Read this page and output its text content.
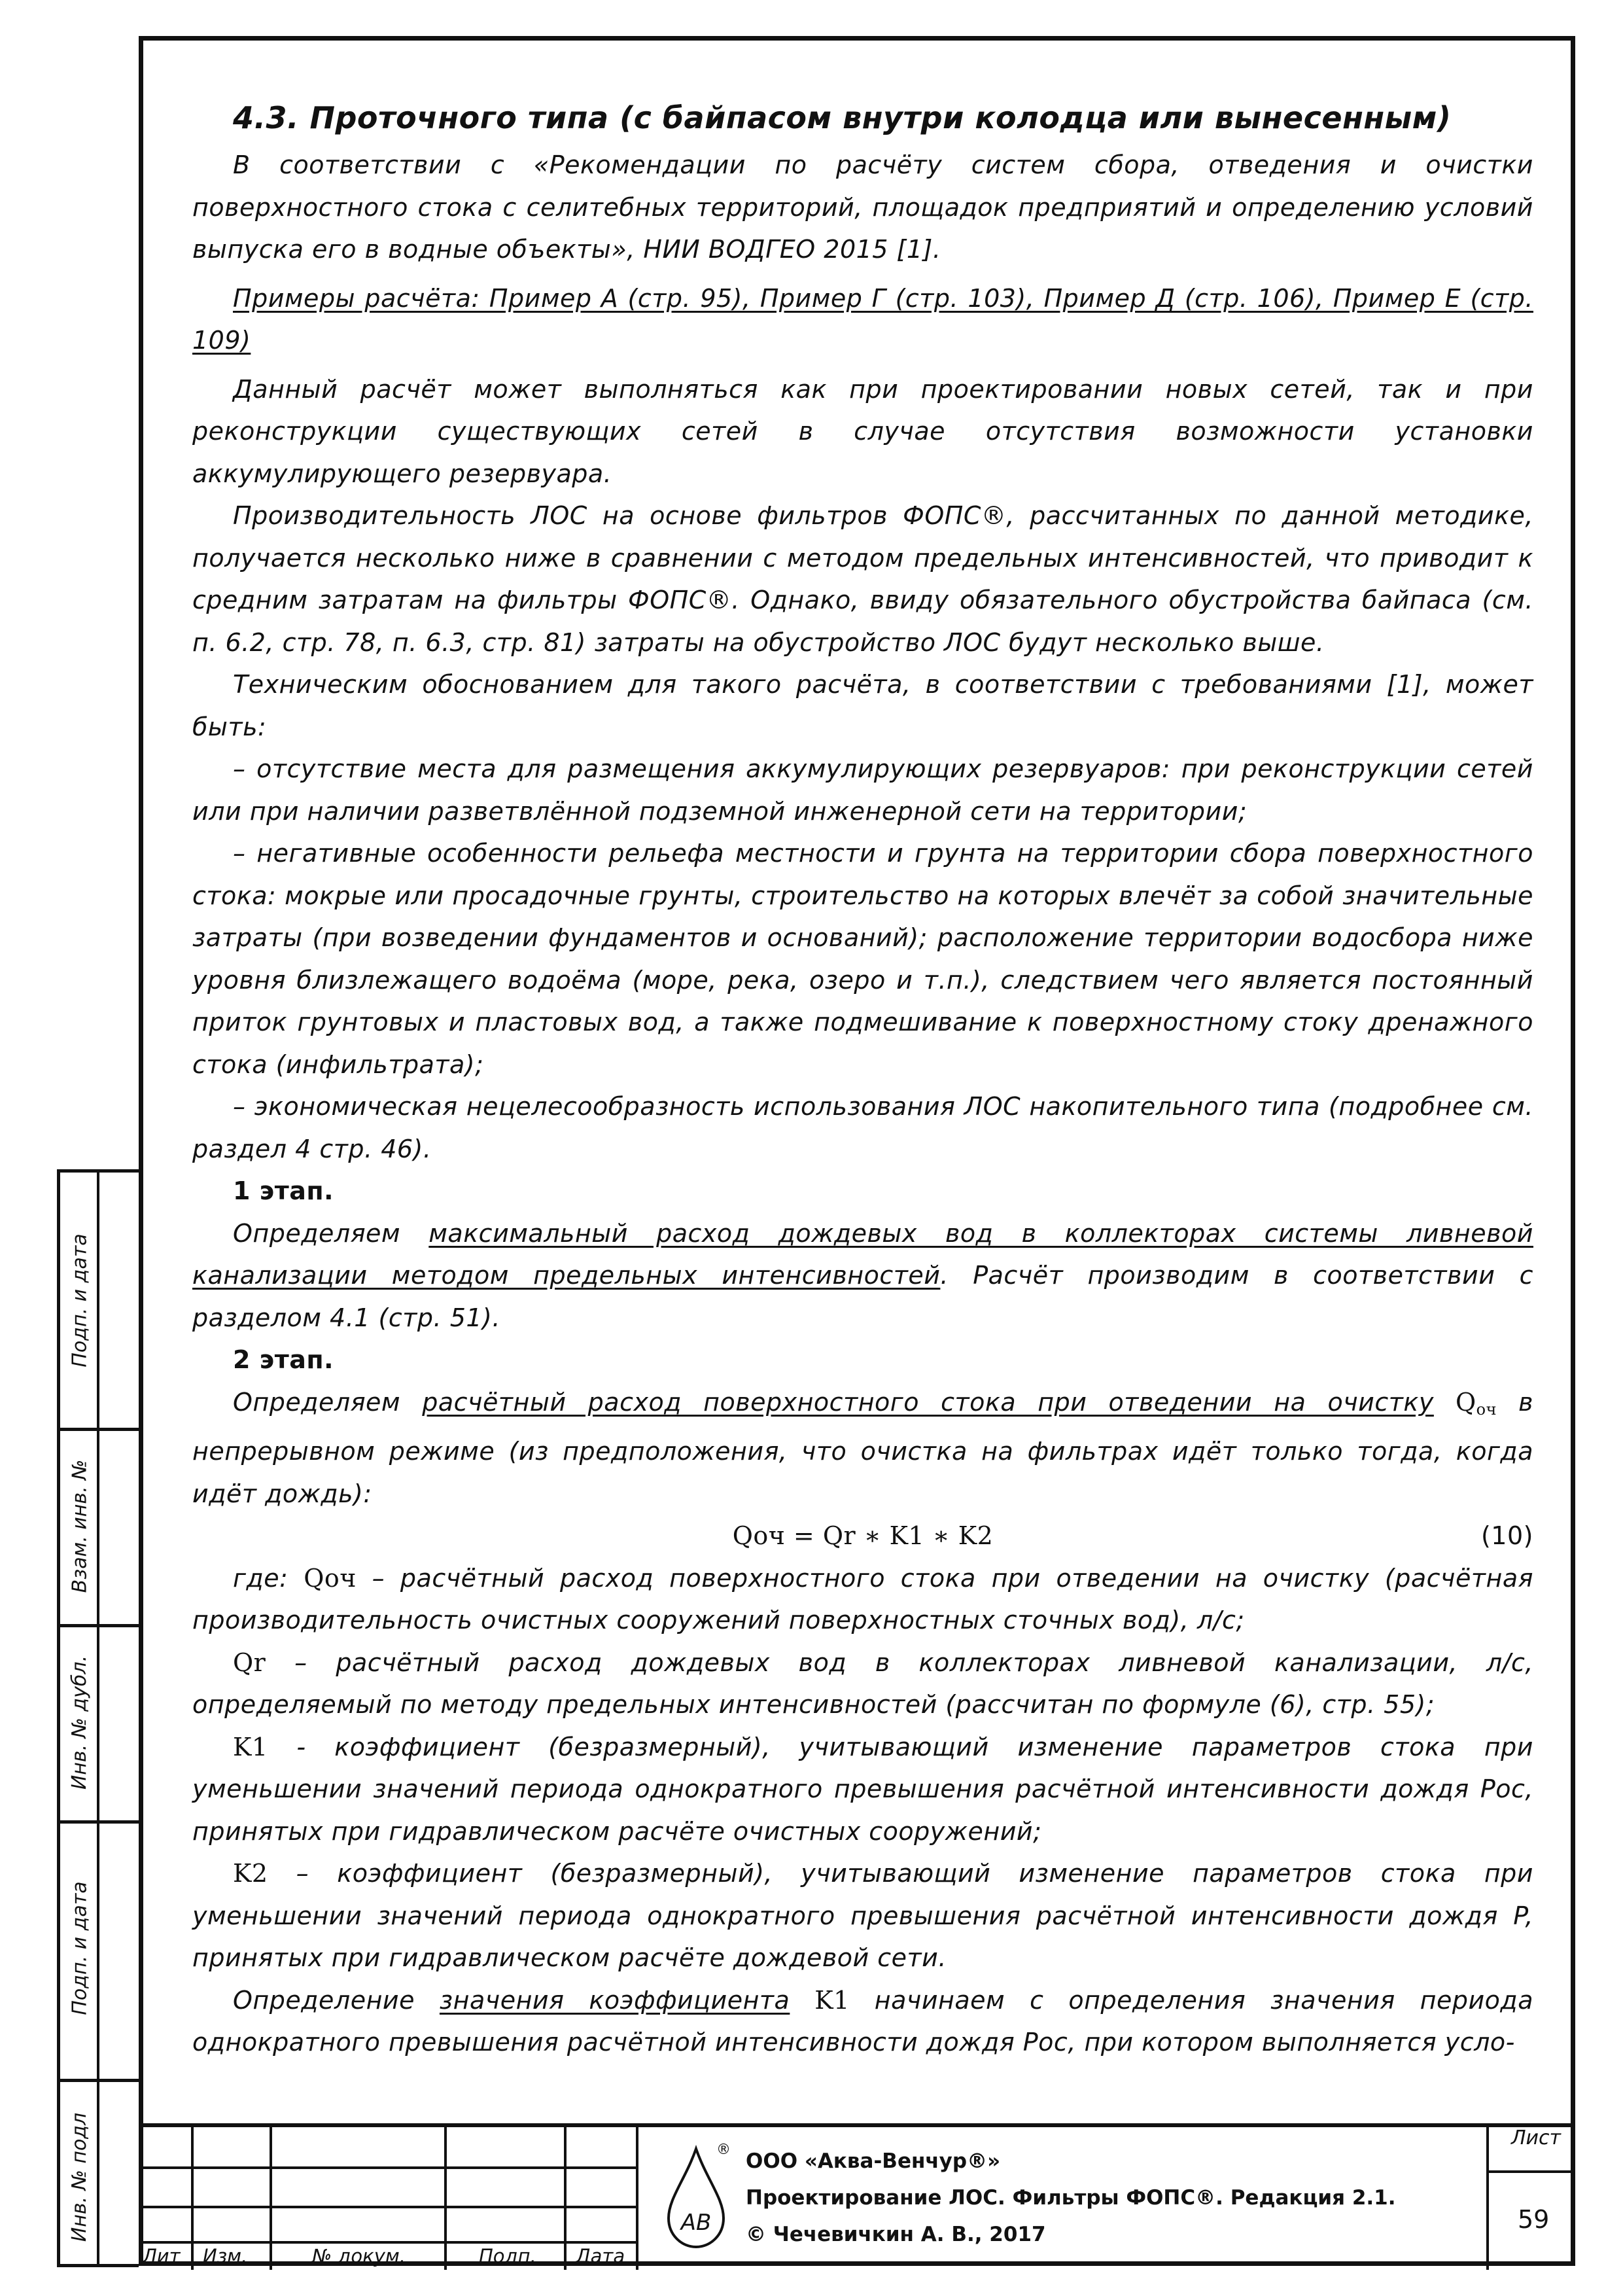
4.3. Проточного типа (с байпасом внутри колодца или вынесенным)

В соответствии с «Рекомендации по расчёту систем сбора, отведения и очистки поверхностного стока с селитебных территорий, площадок предприятий и определению условий выпуска его в водные объекты», НИИ ВОДГЕО 2015 [1].

Примеры расчёта: Пример А (стр. 95), Пример Г (стр. 103), Пример Д (стр. 106), Пример Е (стр. 109)

Данный расчёт может выполняться как при проектировании новых сетей, так и при реконструкции существующих сетей в случае отсутствия возможности установки аккумулирующего резервуара.

Производительность ЛОС на основе фильтров ФОПС®, рассчитанных по данной методике, получается несколько ниже в сравнении с методом предельных интенсивностей, что приводит к средним затратам на фильтры ФОПС®. Однако, ввиду обязательного обустройства байпаса (см. п. 6.2, стр. 78, п. 6.3, стр. 81) затраты на обустройство ЛОС будут несколько выше.

Техническим обоснованием для такого расчёта, в соответствии с требованиями [1], может быть:

– отсутствие места для размещения аккумулирующих резервуаров: при реконструкции сетей или при наличии разветвлённой подземной инженерной сети на территории;

– негативные особенности рельефа местности и грунта на территории сбора поверхностного стока: мокрые или просадочные грунты, строительство на которых влечёт за собой значительные затраты (при возведении фундаментов и оснований); расположение территории водосбора ниже уровня близлежащего водоёма (море, река, озеро и т.п.), следствием чего является постоянный приток грунтовых и пластовых вод, а также подмешивание к поверхностному стоку дренажного стока (инфильтрата);

– экономическая нецелесообразность использования ЛОС накопительного типа (подробнее см. раздел 4 стр. 46).

1 этап.

Определяем максимальный расход дождевых вод в коллекторах системы ливневой канализации методом предельных интенсивностей. Расчёт производим в соответствии с разделом 4.1 (стр. 51).

2 этап.

Определяем расчётный расход поверхностного стока при отведении на очистку $Q_{оч}$ в непрерывном режиме (из предположения, что очистка на фильтрах идёт только тогда, когда идёт дождь):

Qоч = Qr ∗ K1 ∗ K2	(10)

где: Qоч – расчётный расход поверхностного стока при отведении на очистку (расчётная производительность очистных сооружений поверхностных сточных вод), л/с;

Qr – расчётный расход дождевых вод в коллекторах ливневой канализации, л/с, определяемый по методу предельных интенсивностей (рассчитан по формуле (6), стр. 55);

K1 - коэффициент (безразмерный), учитывающий изменение параметров стока при уменьшении значений периода однократного превышения расчётной интенсивности дождя Pос, принятых при гидравлическом расчёте очистных сооружений;

K2 – коэффициент (безразмерный), учитывающий изменение параметров стока при уменьшении значений периода однократного превышения расчётной интенсивности дождя P, принятых при гидравлическом расчёте дождевой сети.

Определение значения коэффициента K1 начинаем с определения значения периода однократного превышения расчётной интенсивности дождя Pос, при котором выполняется усло-

Подп. и дата
Взам. инв. №
Инв. № дубл.
Подп. и дата
Инв. № подл
Лит Изм.	№ докум.	Подп. Дата
АВ
® ООО «Аква-Венчур®»
Проектирование ЛОС. Фильтры ФОПС®. Редакция 2.1.
© Чечевичкин А. В., 2017
Лист
59
